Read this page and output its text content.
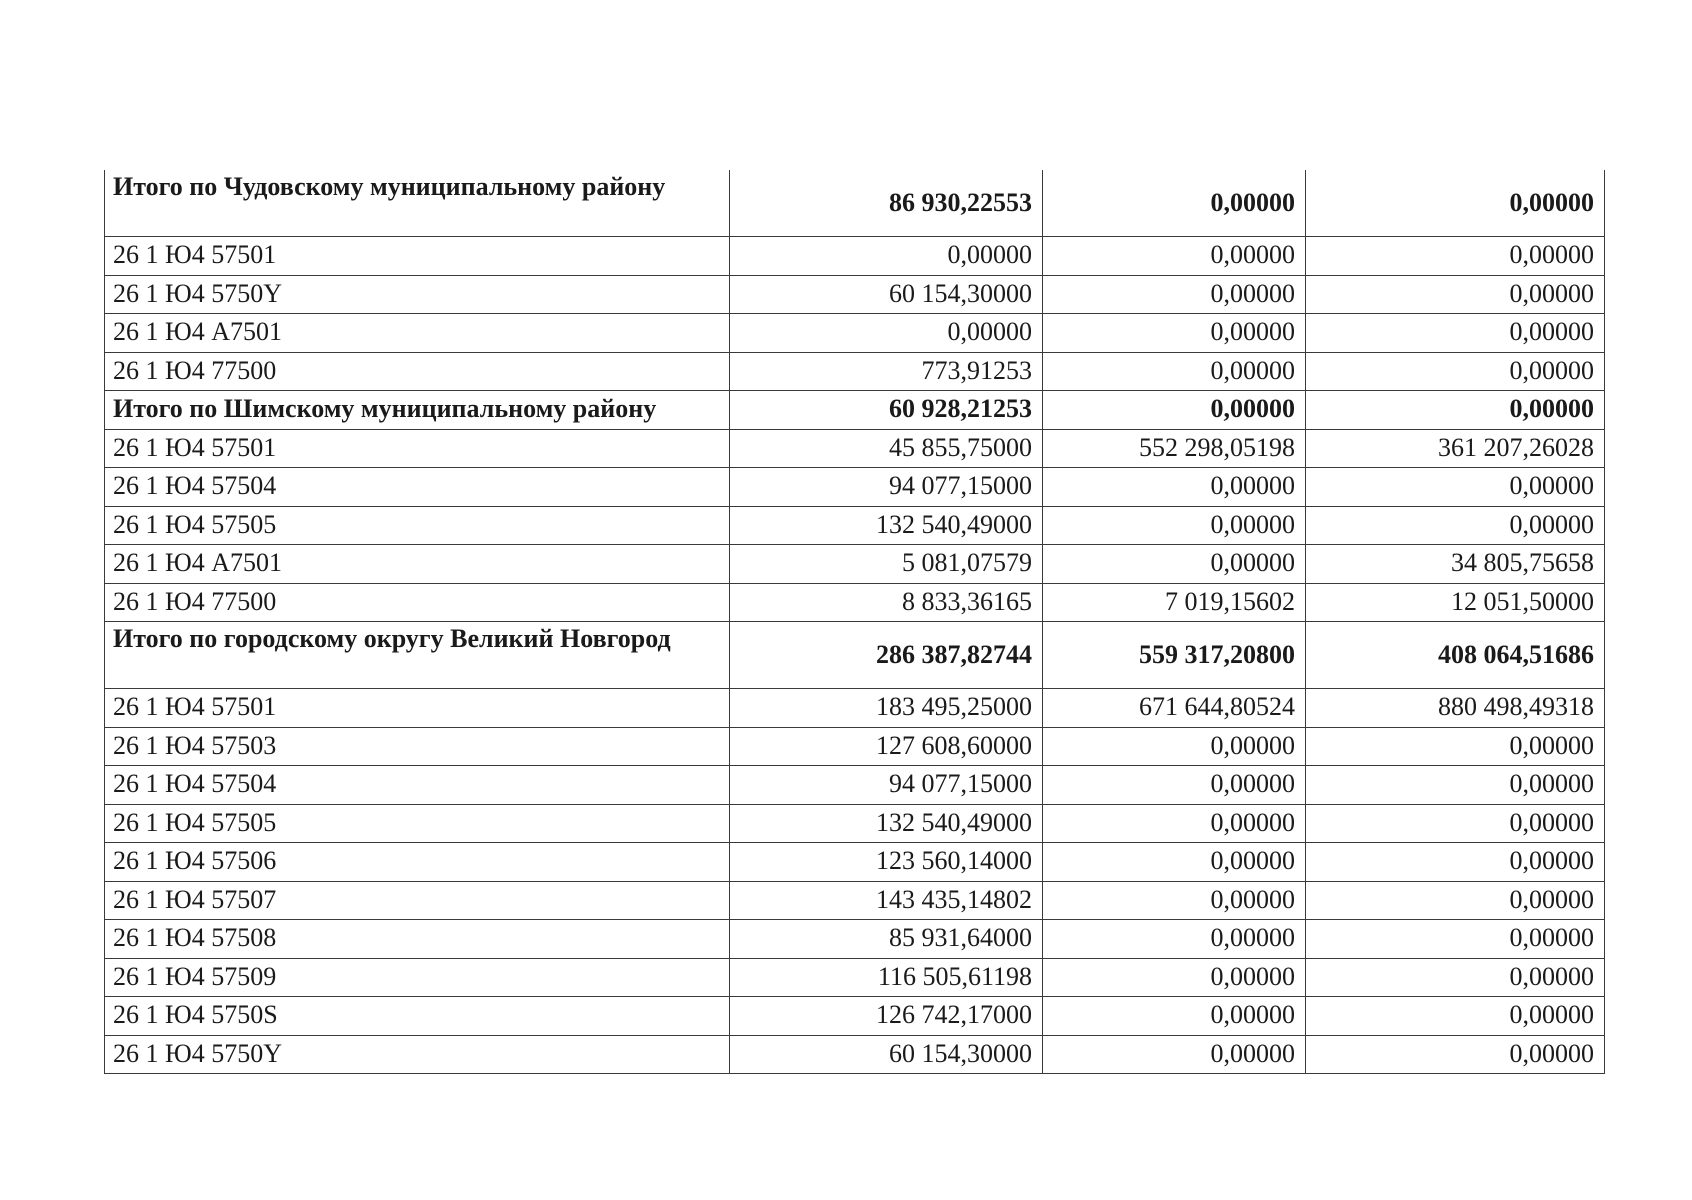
Итого по Чудовскому муниципальному району	86 930,22553	0,00000	0,00000
26 1 Ю4 57501	0,00000	0,00000	0,00000
26 1 Ю4 5750Y	60 154,30000	0,00000	0,00000
26 1 Ю4 A7501	0,00000	0,00000	0,00000
26 1 Ю4 77500	773,91253	0,00000	0,00000
Итого по Шимскому муниципальному району	60 928,21253	0,00000	0,00000
26 1 Ю4 57501	45 855,75000	552 298,05198	361 207,26028
26 1 Ю4 57504	94 077,15000	0,00000	0,00000
26 1 Ю4 57505	132 540,49000	0,00000	0,00000
26 1 Ю4 A7501	5 081,07579	0,00000	34 805,75658
26 1 Ю4 77500	8 833,36165	7 019,15602	12 051,50000
Итого по городскому округу Великий Новгород	286 387,82744	559 317,20800	408 064,51686
26 1 Ю4 57501	183 495,25000	671 644,80524	880 498,49318
26 1 Ю4 57503	127 608,60000	0,00000	0,00000
26 1 Ю4 57504	94 077,15000	0,00000	0,00000
26 1 Ю4 57505	132 540,49000	0,00000	0,00000
26 1 Ю4 57506	123 560,14000	0,00000	0,00000
26 1 Ю4 57507	143 435,14802	0,00000	0,00000
26 1 Ю4 57508	85 931,64000	0,00000	0,00000
26 1 Ю4 57509	116 505,61198	0,00000	0,00000
26 1 Ю4 5750S	126 742,17000	0,00000	0,00000
26 1 Ю4 5750Y	60 154,30000	0,00000	0,00000
